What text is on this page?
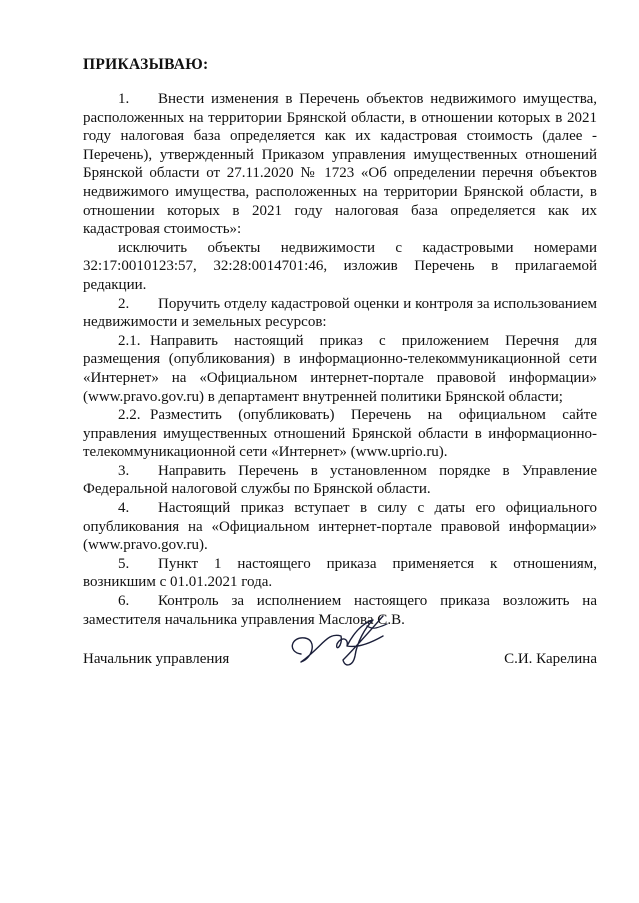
ПРИКАЗЫВАЮ:

1. Внести изменения в Перечень объектов недвижимого имущества, расположенных на территории Брянской области, в отношении которых в 2021 году налоговая база определяется как их кадастровая стоимость (далее - Перечень), утвержденный Приказом управления имущественных отношений Брянской области от 27.11.2020 № 1723 «Об определении перечня объектов недвижимого имущества, расположенных на территории Брянской области, в отношении которых в 2021 году налоговая база определяется как их кадастровая стоимость»:

исключить объекты недвижимости с кадастровыми номерами 32:17:0010123:57, 32:28:0014701:46, изложив Перечень в прилагаемой редакции.

2. Поручить отделу кадастровой оценки и контроля за использованием недвижимости и земельных ресурсов:

2.1. Направить настоящий приказ с приложением Перечня для размещения (опубликования) в информационно-телекоммуникационной сети «Интернет» на «Официальном интернет-портале правовой информации» (www.pravo.gov.ru) в департамент внутренней политики Брянской области;

2.2. Разместить (опубликовать) Перечень на официальном сайте управления имущественных отношений Брянской области в информационно-телекоммуникационной сети «Интернет» (www.uprio.ru).

3. Направить Перечень в установленном порядке в Управление Федеральной налоговой службы по Брянской области.

4. Настоящий приказ вступает в силу с даты его официального опубликования на «Официальном интернет-портале правовой информации» (www.pravo.gov.ru).

5. Пункт 1 настоящего приказа применяется к отношениям, возникшим с 01.01.2021 года.

6. Контроль за исполнением настоящего приказа возложить на заместителя начальника управления Маслова С.В.

Начальник управления	С.И. Карелина
